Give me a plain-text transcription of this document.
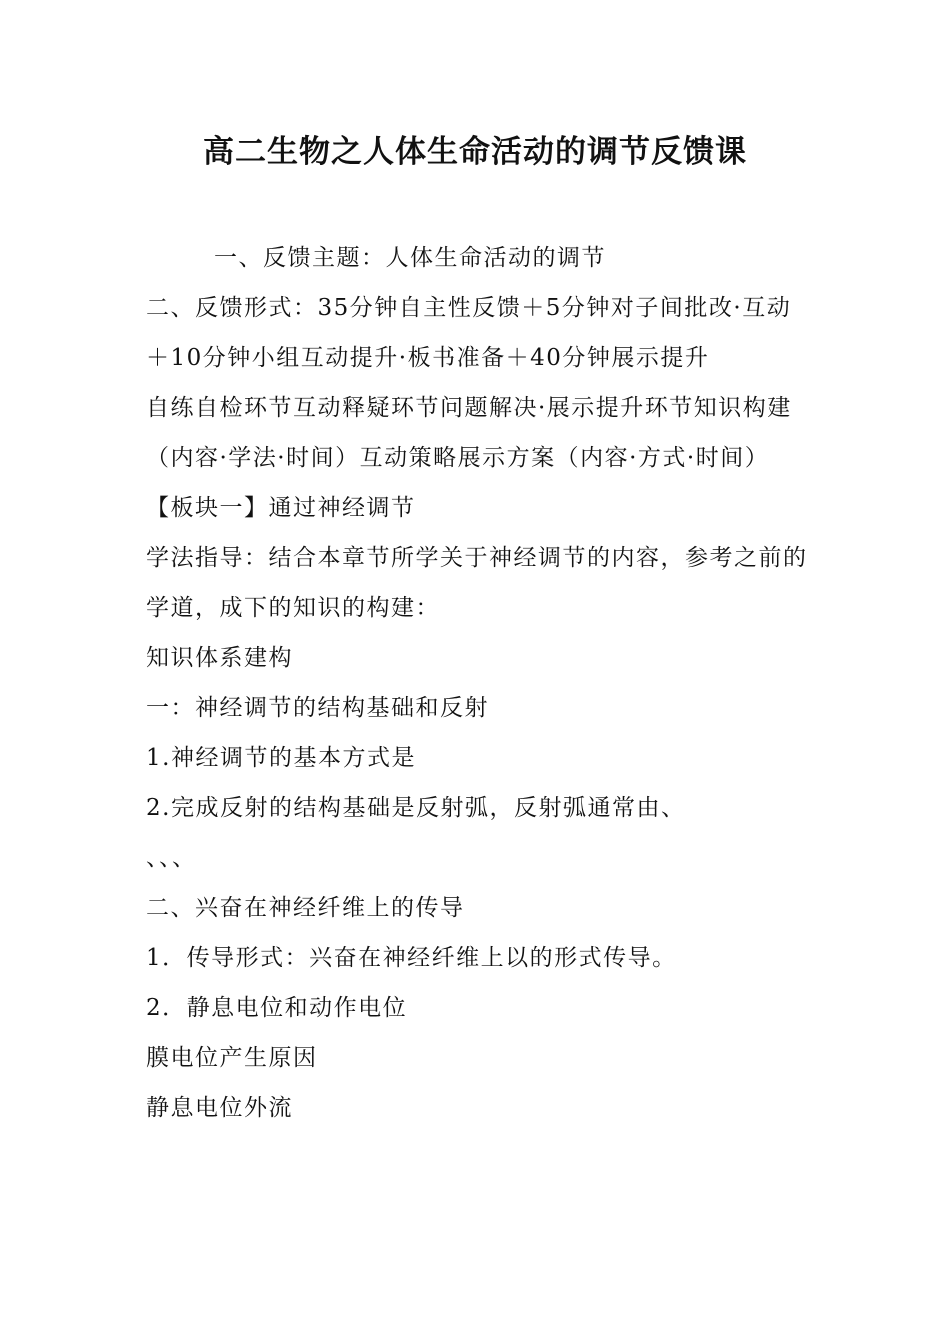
高二生物之人体生命活动的调节反馈课

一、反馈主题：人体生命活动的调节

二、反馈形式：35分钟自主性反馈＋5分钟对子间批改·互动＋10分钟小组互动提升·板书准备＋40分钟展示提升

自练自检环节互动释疑环节问题解决·展示提升环节知识构建（内容·学法·时间）互动策略展示方案（内容·方式·时间）

【板块一】通过神经调节

学法指导：结合本章节所学关于神经调节的内容，参考之前的学道，成下的知识的构建：

知识体系建构

一：神经调节的结构基础和反射

1.神经调节的基本方式是

2.完成反射的结构基础是反射弧，反射弧通常由、

、、、

二、兴奋在神经纤维上的传导

1．传导形式：兴奋在神经纤维上以的形式传导。

2．静息电位和动作电位

膜电位产生原因

静息电位外流
